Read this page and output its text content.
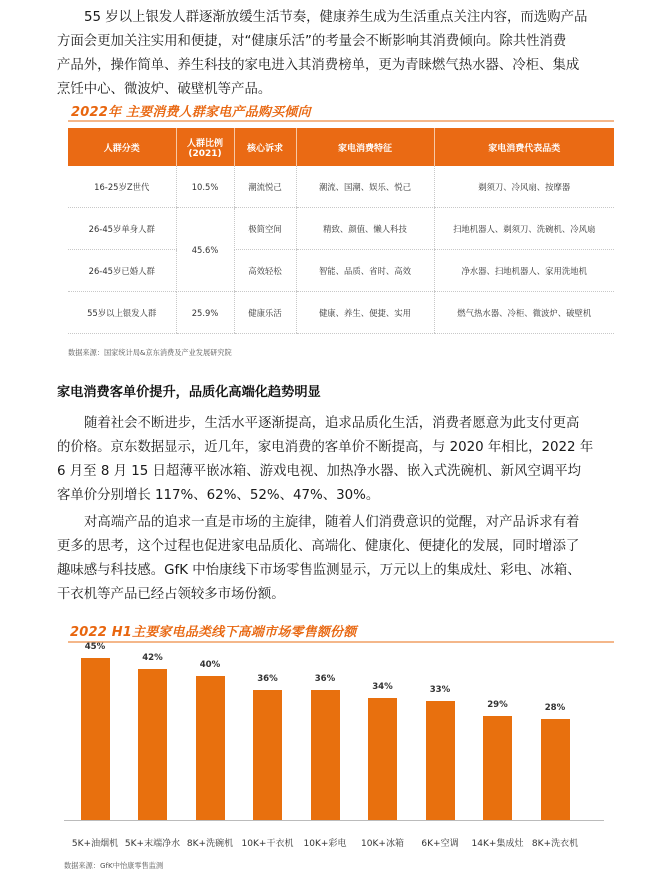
55 岁以上银发人群逐渐放缓生活节奏，健康养生成为生活重点关注内容，而选购产品
方面会更加关注实用和便捷，对“健康乐活”的考量会不断影响其消费倾向。除共性消费
产品外，操作简单、养生科技的家电进入其消费榜单，更为青睐燃气热水器、冷柜、集成
烹饪中心、微波炉、破壁机等产品。
2022年 主要消费人群家电产品购买倾向
人群分类	人群比例
(2021)	核心诉求	家电消费特征	家电消费代表品类
16-25岁Z世代	10.5%	潮流悦己	潮流、国潮、娱乐、悦己	剃须刀、冷风扇、按摩器
26-45岁单身人群	45.6%	极简空间	精致、颜值、懒人科技	扫地机器人、剃须刀、洗碗机、冷风扇
26-45岁已婚人群		高效轻松	智能、品质、省时、高效	净水器、扫地机器人、家用洗地机
55岁以上银发人群	25.9%	健康乐活	健康、养生、便捷、实用	燃气热水器、冷柜、微波炉、破壁机
数据来源：国家统计局&京东消费及产业发展研究院
家电消费客单价提升，品质化高端化趋势明显
随着社会不断进步，生活水平逐渐提高，追求品质化生活，消费者愿意为此支付更高
的价格。京东数据显示，近几年，家电消费的客单价不断提高，与 2020 年相比，2022 年
6 月至 8 月 15 日超薄平嵌冰箱、游戏电视、加热净水器、嵌入式洗碗机、新风空调平均
客单价分别增长 117%、62%、52%、47%、30%。
对高端产品的追求一直是市场的主旋律，随着人们消费意识的觉醒，对产品诉求有着
更多的思考，这个过程也促进家电品质化、高端化、健康化、便捷化的发展，同时增添了
趣味感与科技感。GfK 中怡康线下市场零售监测显示，万元以上的集成灶、彩电、冰箱、
干衣机等产品已经占领较多市场份额。
2022 H1主要家电品类线下高端市场零售额份额
45%
5K+油烟机
42%
5K+末端净水
40%
8K+洗碗机
36%
10K+干衣机
36%
10K+彩电
34%
10K+冰箱
33%
6K+空调
29%
14K+集成灶
28%
8K+洗衣机
数据来源：GfK中怡康零售监测
